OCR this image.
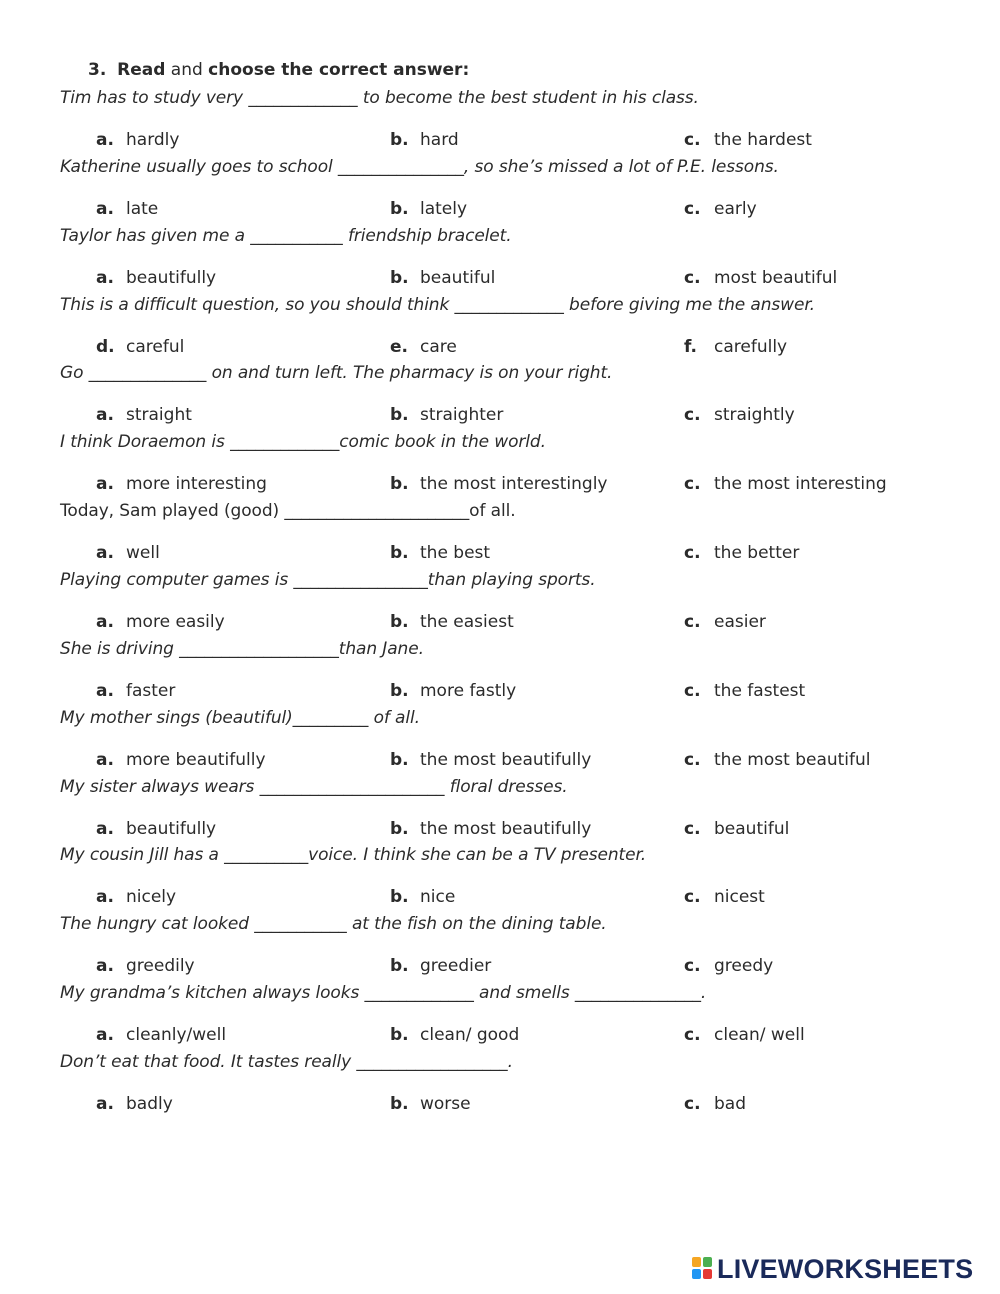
3. Read and choose the correct answer:
Tim has to study very _____________ to become the best student in his class.
a. hardly	b. hard	c. the hardest
Katherine usually goes to school _______________, so she’s missed a lot of P.E. lessons.
a. late	b. lately	c. early
Taylor has given me a ___________ friendship bracelet.
a. beautifully	b. beautiful	c. most beautiful
This is a difficult question, so you should think _____________ before giving me the answer.
d. careful	e. care	f. carefully
Go ______________ on and turn left. The pharmacy is on your right.
a. straight	b. straighter	c. straightly
I think Doraemon is _____________comic book in the world.
a. more interesting	b. the most interestingly	c. the most interesting
Today, Sam played (good) ______________________of all.
a. well	b. the best	c. the better
Playing computer games is ________________than playing sports.
a. more easily	b. the easiest	c. easier
She is driving ___________________than Jane.
a. faster	b. more fastly	c. the fastest
My mother sings (beautiful)_________ of all.
a. more beautifully	b. the most beautifully	c. the most beautiful
My sister always wears ______________________ floral dresses.
a. beautifully	b. the most beautifully	c. beautiful
My cousin Jill has a __________voice. I think she can be a TV presenter.
a. nicely	b. nice	c. nicest
The hungry cat looked ___________ at the fish on the dining table.
a. greedily	b. greedier	c. greedy
My grandma’s kitchen always looks _____________ and smells _______________.
a. cleanly/well	b. clean/ good	c. clean/ well
Don’t eat that food. It tastes really __________________.
a. badly	b. worse	c. bad
LIVEWORKSHEETS
